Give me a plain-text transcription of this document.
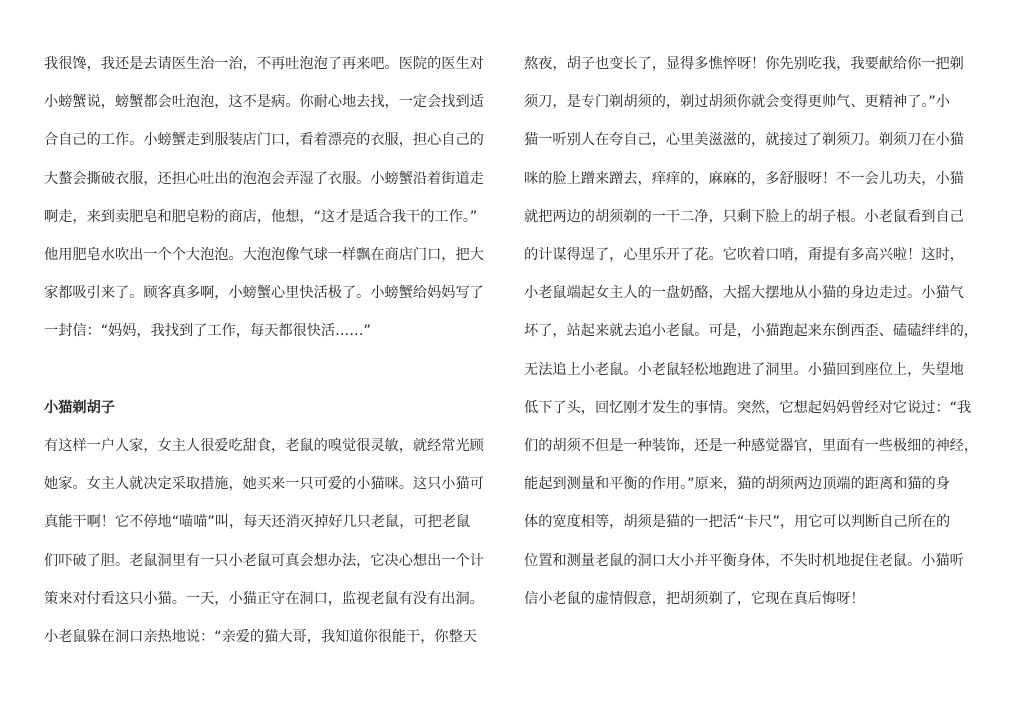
我很馋，我还是去请医生治一治，不再吐泡泡了再来吧。医院的医生对
小螃蟹说，螃蟹都会吐泡泡，这不是病。你耐心地去找，一定会找到适
合自己的工作。小螃蟹走到服装店门口，看着漂亮的衣服，担心自己的
大螯会撕破衣服，还担心吐出的泡泡会弄湿了衣服。小螃蟹沿着街道走
啊走，来到卖肥皂和肥皂粉的商店，他想，“这才是适合我干的工作。”
他用肥皂水吹出一个个大泡泡。大泡泡像气球一样飘在商店门口，把大
家都吸引来了。顾客真多啊，小螃蟹心里快活极了。小螃蟹给妈妈写了
一封信：“妈妈，我找到了工作，每天都很快活……”
小猫剃胡子
有这样一户人家，女主人很爱吃甜食，老鼠的嗅觉很灵敏，就经常光顾
她家。女主人就决定采取措施，她买来一只可爱的小猫咪。这只小猫可
真能干啊！它不停地“喵喵”叫，每天还消灭掉好几只老鼠，可把老鼠
们吓破了胆。老鼠洞里有一只小老鼠可真会想办法，它决心想出一个计
策来对付看这只小猫。一天，小猫正守在洞口，监视老鼠有没有出洞。
小老鼠躲在洞口亲热地说：“亲爱的猫大哥，我知道你很能干，你整天
熬夜，胡子也变长了，显得多憔悴呀！你先别吃我，我要献给你一把剃
须刀，是专门剃胡须的，剃过胡须你就会变得更帅气、更精神了。”小
猫一听别人在夸自己，心里美滋滋的，就接过了剃须刀。剃须刀在小猫
咪的脸上蹭来蹭去，痒痒的，麻麻的，多舒服呀！不一会儿功夫，小猫
就把两边的胡须剃的一干二净，只剩下脸上的胡子根。小老鼠看到自己
的计谋得逞了，心里乐开了花。它吹着口哨，甭提有多高兴啦！这时，
小老鼠端起女主人的一盘奶酪，大摇大摆地从小猫的身边走过。小猫气
坏了，站起来就去追小老鼠。可是，小猫跑起来东倒西歪、磕磕绊绊的，
无法追上小老鼠。小老鼠轻松地跑进了洞里。小猫回到座位上，失望地
低下了头，回忆刚才发生的事情。突然，它想起妈妈曾经对它说过：“我
们的胡须不但是一种装饰，还是一种感觉器官，里面有一些极细的神经，
能起到测量和平衡的作用。”原来，猫的胡须两边顶端的距离和猫的身
体的宽度相等，胡须是猫的一把活“卡尺”，用它可以判断自己所在的
位置和测量老鼠的洞口大小并平衡身体，不失时机地捉住老鼠。小猫听
信小老鼠的虚情假意，把胡须剃了，它现在真后悔呀！
